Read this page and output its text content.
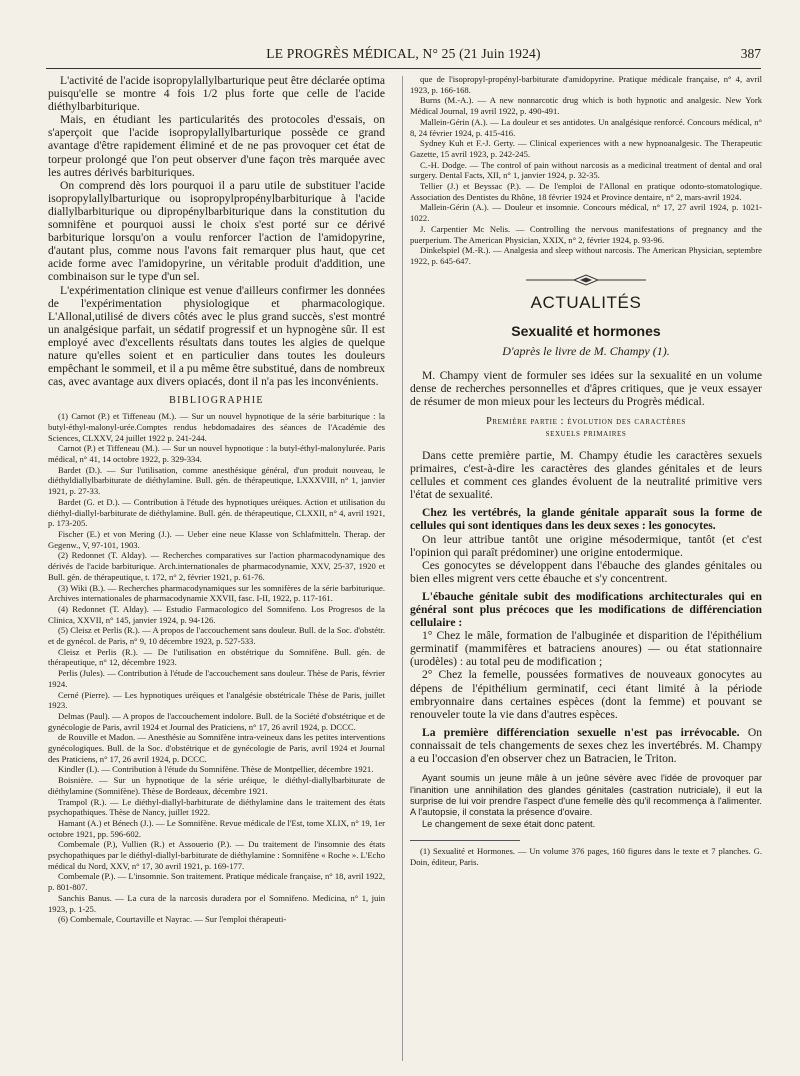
LE PROGRÈS MÉDICAL, N° 25 (21 Juin 1924)	387

L'activité de l'acide isopropylallylbarturique peut être déclarée optima puisqu'elle se montre 4 fois 1/2 plus forte que celle de l'acide diéthylbarbiturique.

Mais, en étudiant les particularités des protocoles d'essais, on s'aperçoit que l'acide isopropylallylbarturique possède ce grand avantage d'être rapidement éliminé et de ne pas provoquer cet état de torpeur prolongé que l'on peut observer d'une façon très marquée avec les autres dérivés barbituriques.

On comprend dès lors pourquoi il a paru utile de substituer l'acide isopropylallylbarturique ou isopropylpropénylbarbiturique à l'acide diallylbarbiturique ou dipropénylbarbiturique dans la constitution du somnifène et pourquoi aussi le choix s'est porté sur ce dérivé barbiturique lorsqu'on a voulu renforcer l'action de l'amidopyrine, d'autant plus, comme nous l'avons fait remarquer plus haut, que cet acide forme avec l'amidopyrine, un véritable produit d'addition, une combinaison sur le type d'un sel.

L'expérimentation clinique est venue d'ailleurs confirmer les données de l'expérimentation physiologique et pharmacologique. L'Allonal,utilisé de divers côtés avec le plus grand succès, s'est montré un analgésique parfait, un sédatif progressif et un hypnogène sûr. Il est employé avec d'excellents résultats dans toutes les algies de quelque nature qu'elles soient et en particulier dans toutes les douleurs empêchant le sommeil, et il a pu même être substitué, dans de nombreux cas, avec avantage aux divers opiacés, dont il n'a pas les inconvénients.

BIBLIOGRAPHIE

(1) Carnot (P.) et Tiffeneau (M.). — Sur un nouvel hypnotique de la série barbiturique : la butyl-éthyl-malonyl-urée.Comptes rendus hebdomadaires des séances de l'Académie des Sciences, CLXXV, 24 juillet 1922 p. 241-244.

Carnot (P.) et Tiffeneau (M.). — Sur un nouvel hypnotique : la butyl-éthyl-malonylurée. Paris médical, n° 41, 14 octobre 1922, p. 329-334.

Bardet (D.). — Sur l'utilisation, comme anesthésique général, d'un produit nouveau, le diéthyldiallylbarbiturate de diéthylamine. Bull. gén. de thérapeutique, LXXXVIII, n° 1, janvier 1921, p. 27-33.

Bardet (G. et D.). — Contribution à l'étude des hypnotiques uréiques. Action et utilisation du diéthyl-diallyl-barbiturate de diéthylamine. Bull. gén. de thérapeutique, CLXXII, n° 4, avril 1921, p. 173-205.

Fischer (E.) et von Mering (J.). — Ueber eine neue Klasse von Schlafmitteln. Therap. der Gegenw., V, 97-101, 1903.

(2) Redonnet (T. Alday). — Recherches comparatives sur l'action pharmacodynamique des dérivés de l'acide barbiturique. Arch.internationales de pharmacodynamie, XXV, 25-37, 1920 et Bull. gén. de thérapeutique, t. 172, n° 2, février 1921, p. 61-76.

(3) Wiki (B.). — Recherches pharmacodynamiques sur les somnifères de la série barbiturique. Archives internationales de pharmacodynamie XXVII, fasc. I-II, 1922, p. 117-161.

(4) Redonnet (T. Alday). — Estudio Farmacologico del Somnifeno. Los Progresos de la Clinica, XXVII, n° 145, janvier 1924, p. 94-126.

(5) Cleisz et Perlis (R.). — A propos de l'accouchement sans douleur. Bull. de la Soc. d'obstétr. et de gynécol. de Paris, n° 9, 10 décembre 1923, p. 527-533.

Cleisz et Perlis (R.). — De l'utilisation en obstétrique du Somnifène. Bull. gén. de thérapeutique, n° 12, décembre 1923.

Perlis (Jules). — Contribution à l'étude de l'accouchement sans douleur. Thèse de Paris, février 1924.

Cerné (Pierre). — Les hypnotiques uréiques et l'analgésie obstétricale Thèse de Paris, juillet 1923.

Delmas (Paul). — A propos de l'accouchement indolore. Bull. de la Société d'obstétrique et de gynécologie de Paris, avril 1924 et Journal des Praticiens, n° 17, 26 avril 1924, p. DCCC.

de Rouville et Madon. — Anesthésie au Somnifène intra-veineux dans les petites interventions gynécologiques. Bull. de la Soc. d'obstétrique et de gynécologie de Paris, avril 1924 et Journal des Praticiens, n° 17, 26 avril 1924, p. DCCC.

Kindler (I.). — Contribution à l'étude du Somnifène. Thèse de Montpellier, décembre 1921.

Boisnière. — Sur un hypnotique de la série uréique, le diéthyl-diallylbarbiturate de diéthylamine (Somnifène). Thèse de Bordeaux, décembre 1921.

Trampol (R.). — Le diéthyl-diallyl-barbiturate de diéthylamine dans le traitement des états psychopathiques. Thèse de Nancy, juillet 1922.

Hamant (A.) et Bénech (J.). — Le Somnifène. Revue médicale de l'Est, tome XLIX, n° 19, 1er octobre 1921, pp. 596-602.

Combemale (P.), Vullien (R.) et Assouerio (P.). — Du traitement de l'insomnie des états psychopathiques par le diéthyl-diallyl-barbiturate de diéthylamine : Somnifène « Roche ». L'Echo médical du Nord, XXV, n° 17, 30 avril 1921, p. 169-177.

Combemale (P.). — L'insomnie. Son traitement. Pratique médicale française, n° 18, avril 1922, p. 801-807.

Sanchis Banus. — La cura de la narcosis duradera por el Somnifeno. Medicina, n° 1, juin 1923, p. 1-25.

(6) Combemale, Courtaville et Nayrac. — Sur l'emploi thérapeuti-

que de l'isopropyl-propényl-barbiturate d'amidopyrine. Pratique médicale française, n° 4, avril 1923, p. 166-168.

Burns (M.-A.). — A new nonnarcotic drug which is both hypnotic and analgesic. New York Médical Journal, 19 avril 1922, p. 490-491.

Mallein-Gérin (A.). — La douleur et ses antidotes. Un analgésique renforcé. Concours médical, n° 8, 24 février 1924, p. 415-416.

Sydney Kuh et F.-J. Gerty. — Clinical experiences with a new hypnoanalgesic. The Therapeutic Gazette, 15 avril 1923, p. 242-245.

C.-H. Dodge. — The control of pain without narcosis as a medicinal treatment of dental and oral surgery. Dental Facts, XII, n° 1, janvier 1924, p. 32-35.

Tellier (J.) et Beyssac (P.). — De l'emploi de l'Allonal en pratique odonto-stomatologique. Association des Dentistes du Rhône, 18 février 1924 et Province dentaire, n° 2, mars-avril 1924.

Mallein-Gérin (A.). — Douleur et insomnie. Concours médical, n° 17, 27 avril 1924, p. 1021-1022.

J. Carpentier Mc Nelis. — Controlling the nervous manifestations of pregnancy and the puerperium. The American Physician, XXIX, n° 2, février 1924, p. 93-96.

Dinkelspiel (M.-R.). — Analgesia and sleep without narcosis. The American Physician, septembre 1922, p. 645-647.

ACTUALITÉS
Sexualité et hormones
D'après le livre de M. Champy (1).

M. Champy vient de formuler ses idées sur la sexualité en un volume dense de recherches personnelles et d'âpres critiques, que je veux essayer de résumer de mon mieux pour les lecteurs du Progrès médical.

Première partie : évolution des caractères
sexuels primaires

Dans cette première partie, M. Champy étudie les caractères sexuels primaires, c'est-à-dire les caractères des glandes génitales et de leurs cellules et comment ces glandes évoluent de la neutralité primitive vers l'état de sexualité.

Chez les vertébrés, la glande génitale apparaît sous la forme de cellules qui sont identiques dans les deux sexes : les gonocytes.

On leur attribue tantôt une origine mésodermique, tantôt (et c'est l'opinion qui paraît prédominer) une origine entodermique.

Ces gonocytes se développent dans l'ébauche des glandes génitales ou bien elles migrent vers cette ébauche et s'y concentrent.

L'ébauche génitale subit des modifications architecturales qui en général sont plus précoces que les modifications de différenciation cellulaire :

1° Chez le mâle, formation de l'albuginée et disparition de l'épithélium germinatif (mammifères et batraciens anoures) — ou état stationnaire (urodèles) : au total peu de modification ;

2° Chez la femelle, poussées formatives de nouveaux gonocytes au dépens de l'épithélium germinatif, ceci étant limité à la période embryonnaire dans certaines espèces (dont la femme) et pouvant se renouveler toute la vie dans d'autres espèces.

La première différenciation sexuelle n'est pas irrévocable. On connaissait de tels changements de sexes chez les invertébrés. M. Champy a eu l'occasion d'en observer chez un Batracien, le Triton.

Ayant soumis un jeune mâle à un jeûne sévère avec l'idée de provoquer par l'inanition une annihilation des glandes génitales (castration nutriciale), il eut la surprise de lui voir prendre l'aspect d'une femelle dès qu'il recommença à l'alimenter. A l'autopsie, il constata la présence d'ovaire.

Le changement de sexe était donc patent.

(1) Sexualité et Hormones. — Un volume 376 pages, 160 figures dans le texte et 7 planches. G. Doin, éditeur, Paris.
